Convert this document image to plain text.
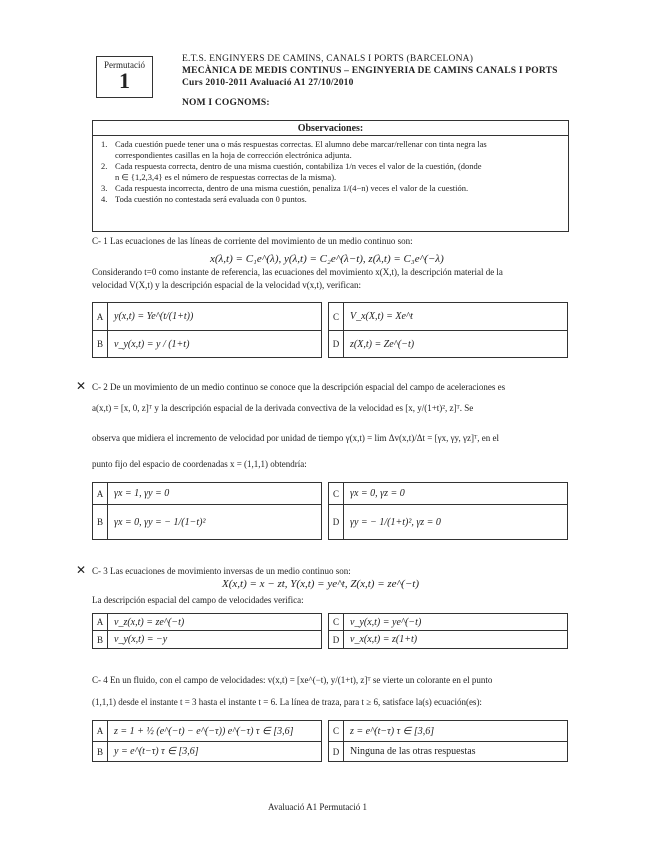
Permutació
1
E.T.S. ENGINYERS DE CAMINS, CANALS I PORTS (BARCELONA)
MECÀNICA DE MEDIS CONTINUS – ENGINYERIA DE CAMINS CANALS I PORTS
Curs 2010-2011 Avaluació A1 27/10/2010
NOM I COGNOMS:
Observaciones:
1. Cada cuestión puede tener una o más respuestas correctas. El alumno debe marcar/rellenar con tinta negra las
correspondientes casillas en la hoja de corrección electrónica adjunta.
2. Cada respuesta correcta, dentro de una misma cuestión, contabiliza 1/n veces el valor de la cuestión, (donde
n ∈ {1,2,3,4} es el número de respuestas correctas de la misma).
3. Cada respuesta incorrecta, dentro de una misma cuestión, penaliza 1/(4−n) veces el valor de la cuestión.
4. Toda cuestión no contestada será evaluada con 0 puntos.
C- 1 Las ecuaciones de las líneas de corriente del movimiento de un medio continuo son:
x(λ,t) = C₁e^(λ), y(λ,t) = C₂e^(λ−t), z(λ,t) = C₃e^(−λ)
Considerando t=0 como instante de referencia, las ecuaciones del movimiento x(X,t), la descripción material de la
velocidad V(X,t) y la descripción espacial de la velocidad v(x,t), verifican:
A	y(x,t) = Ye^(t/(1+t))
B	v_y(x,t) = y / (1+t)
C	V_x(X,t) = Xe^t
D	z(X,t) = Ze^(−t)
✕ C- 2 De un movimiento de un medio continuo se conoce que la descripción espacial del campo de aceleraciones es
a(x,t) = [x, 0, z]ᵀ y la descripción espacial de la derivada convectiva de la velocidad es [x, y/(1+t)², z]ᵀ. Se
observa que midiera el incremento de velocidad por unidad de tiempo γ(x,t) = lim Δv(x,t)/Δt = [γx, γy, γz]ᵀ, en el
punto fijo del espacio de coordenadas x = (1,1,1) obtendría:
A	γx = 1, γy = 0
B	γx = 0, γy = − 1/(1−t)²
C	γx = 0, γz = 0
D	γy = − 1/(1+t)², γz = 0
✕ C- 3 Las ecuaciones de movimiento inversas de un medio continuo son:
X(x,t) = x − zt, Y(x,t) = ye^t, Z(x,t) = ze^(−t)
La descripción espacial del campo de velocidades verifica:
A	v_z(x,t) = ze^(−t)
B	v_y(x,t) = −y
C	v_y(x,t) = ye^(−t)
D	v_x(x,t) = z(1+t)
C- 4 En un fluido, con el campo de velocidades: v(x,t) = [xe^(−t), y/(1+t), z]ᵀ se vierte un colorante en el punto
(1,1,1) desde el instante t = 3 hasta el instante t = 6. La línea de traza, para t ≥ 6, satisface la(s) ecuación(es):
A	z = 1 + ½ (e^(−t) − e^(−τ)) e^(−τ) τ ∈ [3,6]
B	y = e^(t−τ) τ ∈ [3,6]
C	z = e^(t−τ) τ ∈ [3,6]
D	Ninguna de las otras respuestas
Avaluació A1 Permutació 1
